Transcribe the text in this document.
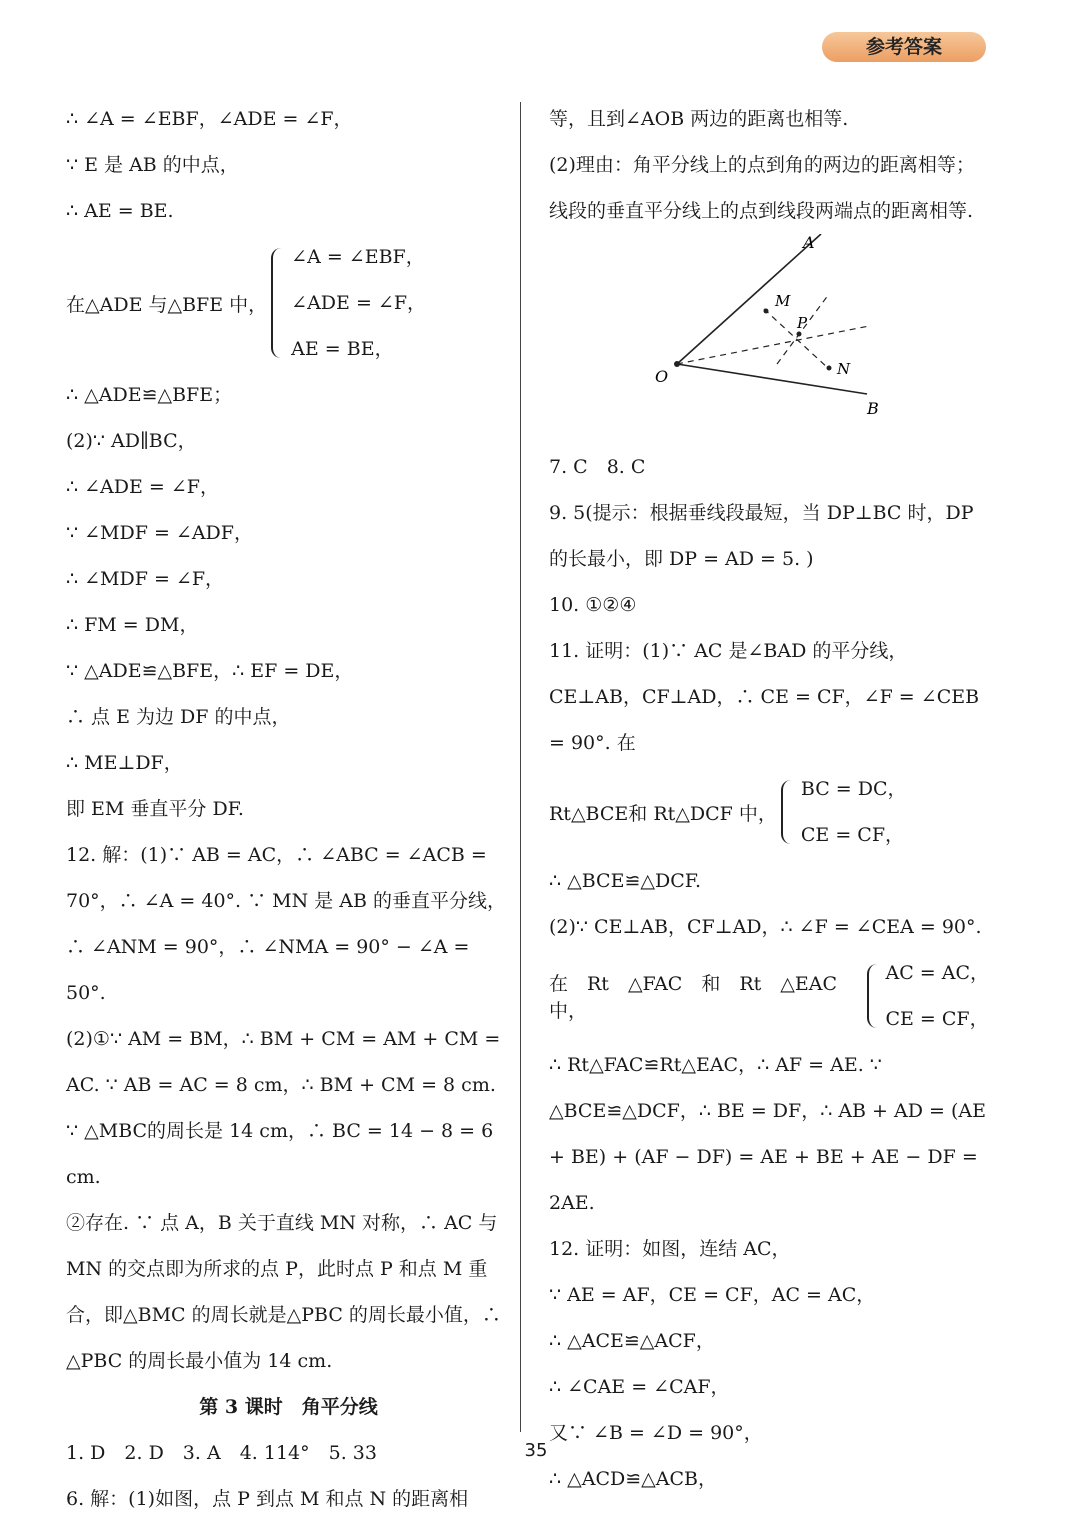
参考答案
∴ ∠A = ∠EBF，∠ADE = ∠F，
∵ E 是 AB 的中点，
∴ AE = BE.
在△ADE 与△BFE 中，
∠A = ∠EBF，
∠ADE = ∠F，
AE = BE，
∴ △ADE≌△BFE；
(2)∵ AD∥BC，
∴ ∠ADE = ∠F，
∵ ∠MDF = ∠ADF，
∴ ∠MDF = ∠F，
∴ FM = DM，
∵ △ADE≌△BFE，∴ EF = DE，
∴ 点 E 为边 DF 的中点，
∴ ME⊥DF，
即 EM 垂直平分 DF.
12. 解：(1)∵ AB = AC，∴ ∠ABC = ∠ACB = 70°，∴ ∠A = 40°. ∵ MN 是 AB 的垂直平分线，∴ ∠ANM = 90°，∴ ∠NMA = 90° − ∠A = 50°.
(2)①∵ AM = BM，∴ BM + CM = AM + CM = AC. ∵ AB = AC = 8 cm，∴ BM + CM = 8 cm. ∵ △MBC的周长是 14 cm，∴ BC = 14 − 8 = 6 cm.
②存在. ∵ 点 A，B 关于直线 MN 对称，∴ AC 与 MN 的交点即为所求的点 P，此时点 P 和点 M 重合，即△BMC 的周长就是△PBC 的周长最小值，∴ △PBC 的周长最小值为 14 cm.
第 3 课时　角平分线
1. D　2. D　3. A　4. 114°　5. 33
6. 解：(1)如图，点 P 到点 M 和点 N 的距离相
等，且到∠AOB 两边的距离也相等.
(2)理由：角平分线上的点到角的两边的距离相等；线段的垂直平分线上的点到线段两端点的距离相等.
A
B
O
M
N
P
7. C　8. C
9. 5(提示：根据垂线段最短，当 DP⊥BC 时，DP 的长最小，即 DP = AD = 5. )
10. ①②④
11. 证明：(1)∵ AC 是∠BAD 的平分线，CE⊥AB，CF⊥AD，∴ CE = CF，∠F = ∠CEB = 90°. 在
Rt△BCE和 Rt△DCF 中，
BC = DC，
CE = CF，
∴ △BCE≌△DCF.
(2)∵ CE⊥AB，CF⊥AD，∴ ∠F = ∠CEA = 90°.
在　Rt　△FAC　和　Rt　△EAC　中，
AC = AC，
CE = CF，
∴ Rt△FAC≌Rt△EAC，∴ AF = AE. ∵ △BCE≌△DCF，∴ BE = DF，∴ AB + AD = (AE + BE) + (AF − DF) = AE + BE + AE − DF = 2AE.
12. 证明：如图，连结 AC，
∵ AE = AF，CE = CF，AC = AC，
∴ △ACE≌△ACF，
∴ ∠CAE = ∠CAF，
又∵ ∠B = ∠D = 90°，
∴ △ACD≌△ACB，
35
